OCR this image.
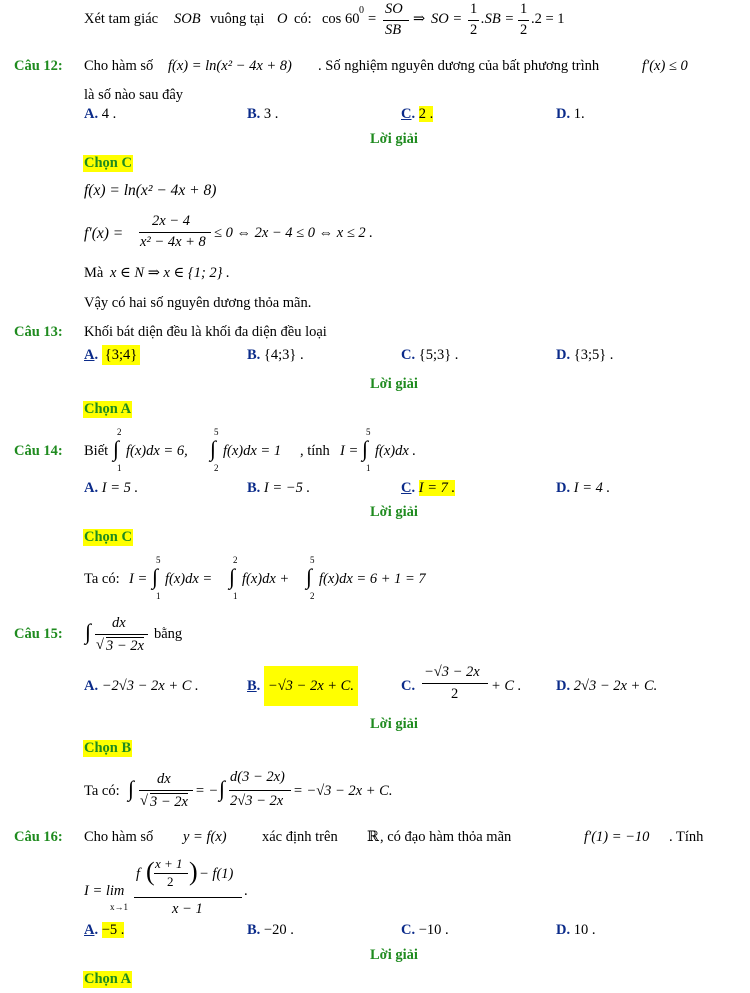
Xét tam giác SOB vuông tại O có: cos 60
0
=
SO
SB
⇒ SO =
1
2
.SB =
1
2
.2 = 1
Câu 12: Cho hàm số f(x) = ln(x² − 4x + 8) . Số nghiệm nguyên dương của bất phương trình	f′(x) ≤ 0
là số nào sau đây
A. 4 .	B. 3 .	C. 2 .	D. 1.
Lời giải
Chọn C
f(x) = ln(x² − 4x + 8)
f′(x) =
2x − 4
x² − 4x + 8
≤ 0 ⇔ 2x − 4 ≤ 0 ⇔ x ≤ 2 .
Mà x ∈ N ⇒ x ∈ {1; 2} .
Vậy có hai số nguyên dương thỏa mãn.
Câu 13: Khối bát diện đều là khối đa diện đều loại
A. {3;4}	B. {4;3} .	C. {5;3} .	D. {3;5} .
Lời giải
Chọn A
Câu 14: Biết ∫
2
1
f(x)dx = 6, ∫
5
2
f(x)dx = 1 , tính I = ∫
5
1
f(x)dx .
A. I = 5 .	B. I = −5 .	C. I = 7 .	D. I = 4 .
Lời giải
Chọn C
Ta có: I = ∫
5
1
f(x)dx = ∫
2
1
f(x)dx + ∫
5
2
f(x)dx = 6 + 1 = 7
Câu 15: ∫ dx
√ 3 − 2x
bằng
A. −2√3 − 2x + C .	B. −√3 − 2x + C.	C.
−√3 − 2x
2 + C . D. 2√3 − 2x + C.
Lời giải
Chọn B
Ta có: ∫ dx
√ 3 − 2x
= − ∫ d(3 − 2x)
2√3 − 2x
= −√3 − 2x + C.
Câu 16: Cho hàm số y = f(x) xác định trên ℝ , có đạo hàm thỏa mãn	f′(1) = −10 . Tính
I = lim
x→1
f ( x + 1
2 ) − f(1)
x − 1
.
A. −5 .	B. −20 .	C. −10 .	D. 10 .
Lời giải
Chọn A
